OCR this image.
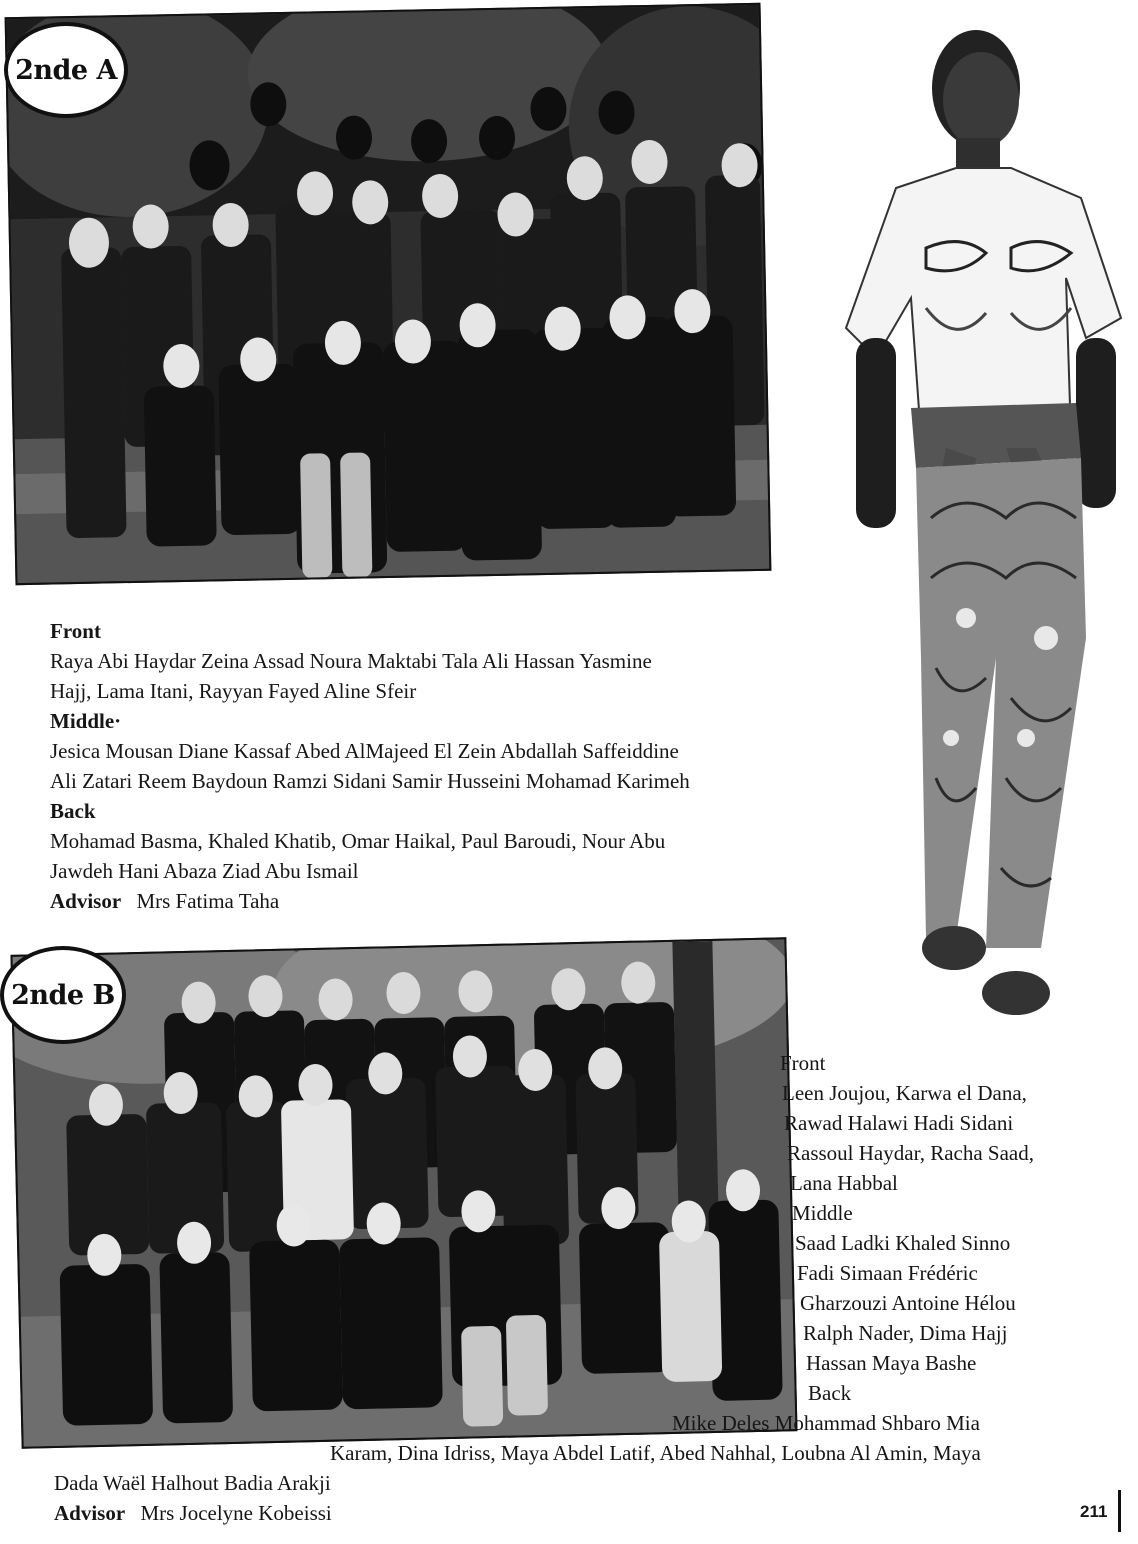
2nde A
Front
Raya Abi Haydar Zeina Assad Noura Maktabi Tala Ali Hassan Yasmine
Hajj, Lama Itani, Rayyan Fayed Aline Sfeir
Middle·
Jesica Mousan Diane Kassaf Abed AlMajeed El Zein Abdallah Saffeiddine
Ali Zatari Reem Baydoun Ramzi Sidani Samir Husseini Mohamad Karimeh
Back
Mohamad Basma, Khaled Khatib, Omar Haikal, Paul Baroudi, Nour Abu
Jawdeh Hani Abaza Ziad Abu Ismail
Advisor Mrs Fatima Taha
2nde B
Front
Leen Joujou, Karwa el Dana,
Rawad Halawi Hadi Sidani
Rassoul Haydar, Racha Saad,
Lana Habbal
Middle
Saad Ladki Khaled Sinno
Fadi Simaan Frédéric
Gharzouzi Antoine Hélou
Ralph Nader, Dima Hajj
Hassan Maya Bashe
Back
Mike Deles Mohammad Shbaro Mia
Karam, Dina Idriss, Maya Abdel Latif, Abed Nahhal, Loubna Al Amin, Maya
Dada Waël Halhout Badia Arakji
Advisor Mrs Jocelyne Kobeissi	211
